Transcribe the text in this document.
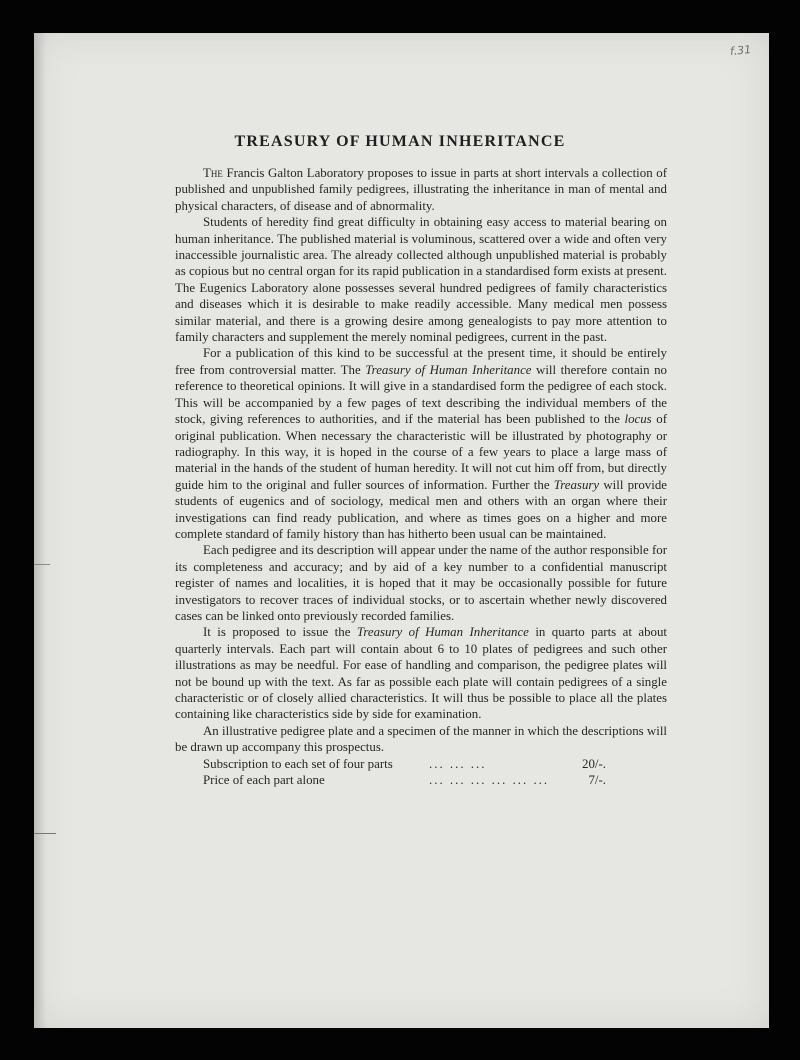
f.31
TREASURY OF HUMAN INHERITANCE

The Francis Galton Laboratory proposes to issue in parts at short intervals a collection of published and unpublished family pedigrees, illustrating the inheritance in man of mental and physical characters, of disease and of abnormality.

Students of heredity find great difficulty in obtaining easy access to material bearing on human inheritance. The published material is voluminous, scattered over a wide and often very inaccessible journalistic area. The already collected although unpublished material is probably as copious but no central organ for its rapid publication in a standardised form exists at present. The Eugenics Laboratory alone possesses several hundred pedigrees of family characteristics and diseases which it is desirable to make readily accessible. Many medical men possess similar material, and there is a growing desire among genealogists to pay more attention to family characters and supplement the merely nominal pedigrees, current in the past.

For a publication of this kind to be successful at the present time, it should be entirely free from controversial matter. The Treasury of Human Inheritance will therefore contain no reference to theoretical opinions. It will give in a standardised form the pedigree of each stock. This will be accompanied by a few pages of text describing the individual members of the stock, giving references to authorities, and if the material has been published to the locus of original publication. When necessary the characteristic will be illustrated by photography or radiography. In this way, it is hoped in the course of a few years to place a large mass of material in the hands of the student of human heredity. It will not cut him off from, but directly guide him to the original and fuller sources of information. Further the Treasury will provide students of eugenics and of sociology, medical men and others with an organ where their investigations can find ready publication, and where as times goes on a higher and more complete standard of family history than has hitherto been usual can be maintained.

Each pedigree and its description will appear under the name of the author responsible for its completeness and accuracy; and by aid of a key number to a confidential manuscript register of names and localities, it is hoped that it may be occasionally possible for future investigators to recover traces of individual stocks, or to ascertain whether newly discovered cases can be linked onto previously recorded families.

It is proposed to issue the Treasury of Human Inheritance in quarto parts at about quarterly intervals. Each part will contain about 6 to 10 plates of pedigrees and such other illustrations as may be needful. For ease of handling and comparison, the pedigree plates will not be bound up with the text. As far as possible each plate will contain pedigrees of a single characteristic or of closely allied characteristics. It will thus be possible to place all the plates containing like characteristics side by side for examination.

An illustrative pedigree plate and a specimen of the manner in which the descriptions will be drawn up accompany this prospectus.

Subscription to each set of four parts	... ... ...	20/-.
Price of each part alone	... ... ... ... ... ...	7/-.
